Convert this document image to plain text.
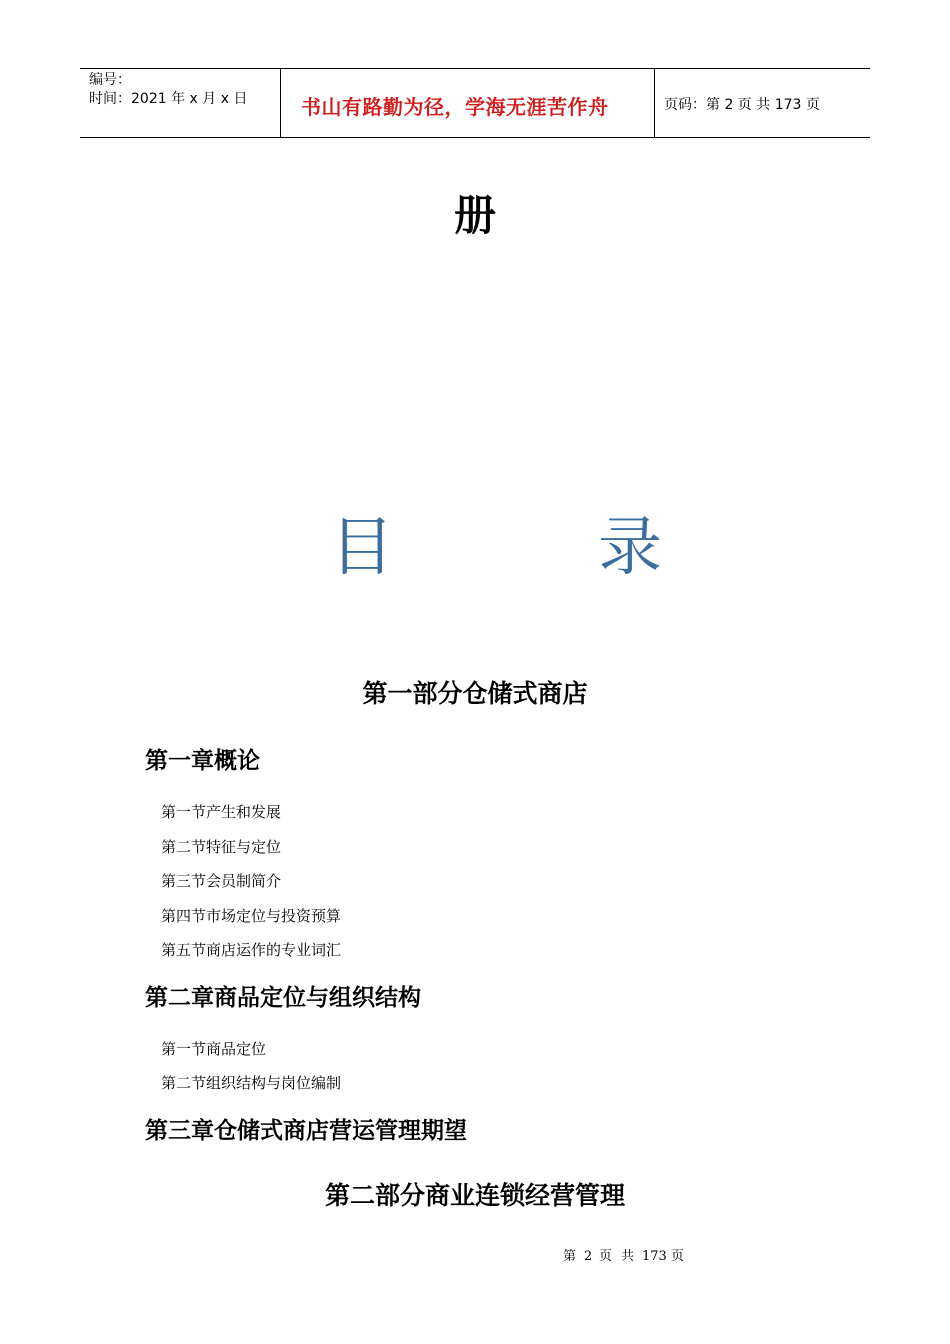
编号：
时间：2021 年 x 月 x 日	书山有路勤为径，学海无涯苦作舟	页码：第 2 页 共 173 页
册
目	录
第一部分仓储式商店
第一章概论
第一节产生和发展
第二节特征与定位
第三节会员制简介
第四节市场定位与投资预算
第五节商店运作的专业词汇
第二章商品定位与组织结构
第一节商品定位
第二节组织结构与岗位编制
第三章仓储式商店营运管理期望
第二部分商业连锁经营管理
第 2 页 共 173 页
